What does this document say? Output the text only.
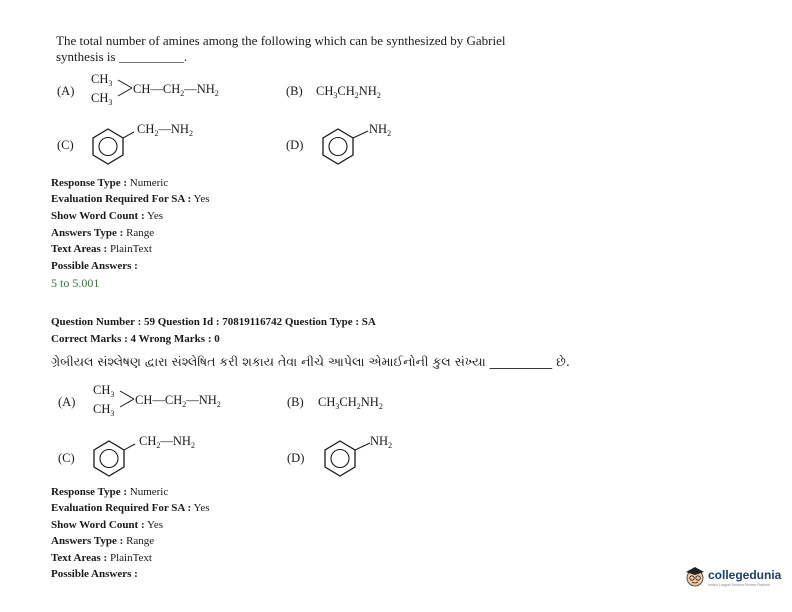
The total number of amines among the following which can be synthesized by Gabriel
synthesis is __________.
(A)
$CH_3$
$CH_3$
$CH—CH_2—NH_2$	(B) $CH_3CH_2NH_2$
(C)
$CH_2—NH_2$
(D)
$NH_2$
Response Type : Numeric
Evaluation Required For SA : Yes
Show Word Count : Yes
Answers Type : Range
Text Areas : PlainText
Possible Answers :
5 to 5.001
Question Number : 59 Question Id : 70819116742 Question Type : SA
Correct Marks : 4 Wrong Marks : 0
ગ્રેબીયલ સંશ્લેષણ દ્વારા સંશ્લેષિત કરી શકાય તેવા નીચે આપેલા એમાઈનોની કુલ સંખ્યા __________ છે.
(A)
$CH_3$
$CH_3$
$CH—CH_2—NH_2$	(B) $CH_3CH_2NH_2$
(C)
$CH_2—NH_2$
(D)
$NH_2$
Response Type : Numeric
Evaluation Required For SA : Yes
Show Word Count : Yes
Answers Type : Range
Text Areas : PlainText
Possible Answers :	collegedunia
India's Largest Student Review Platform
